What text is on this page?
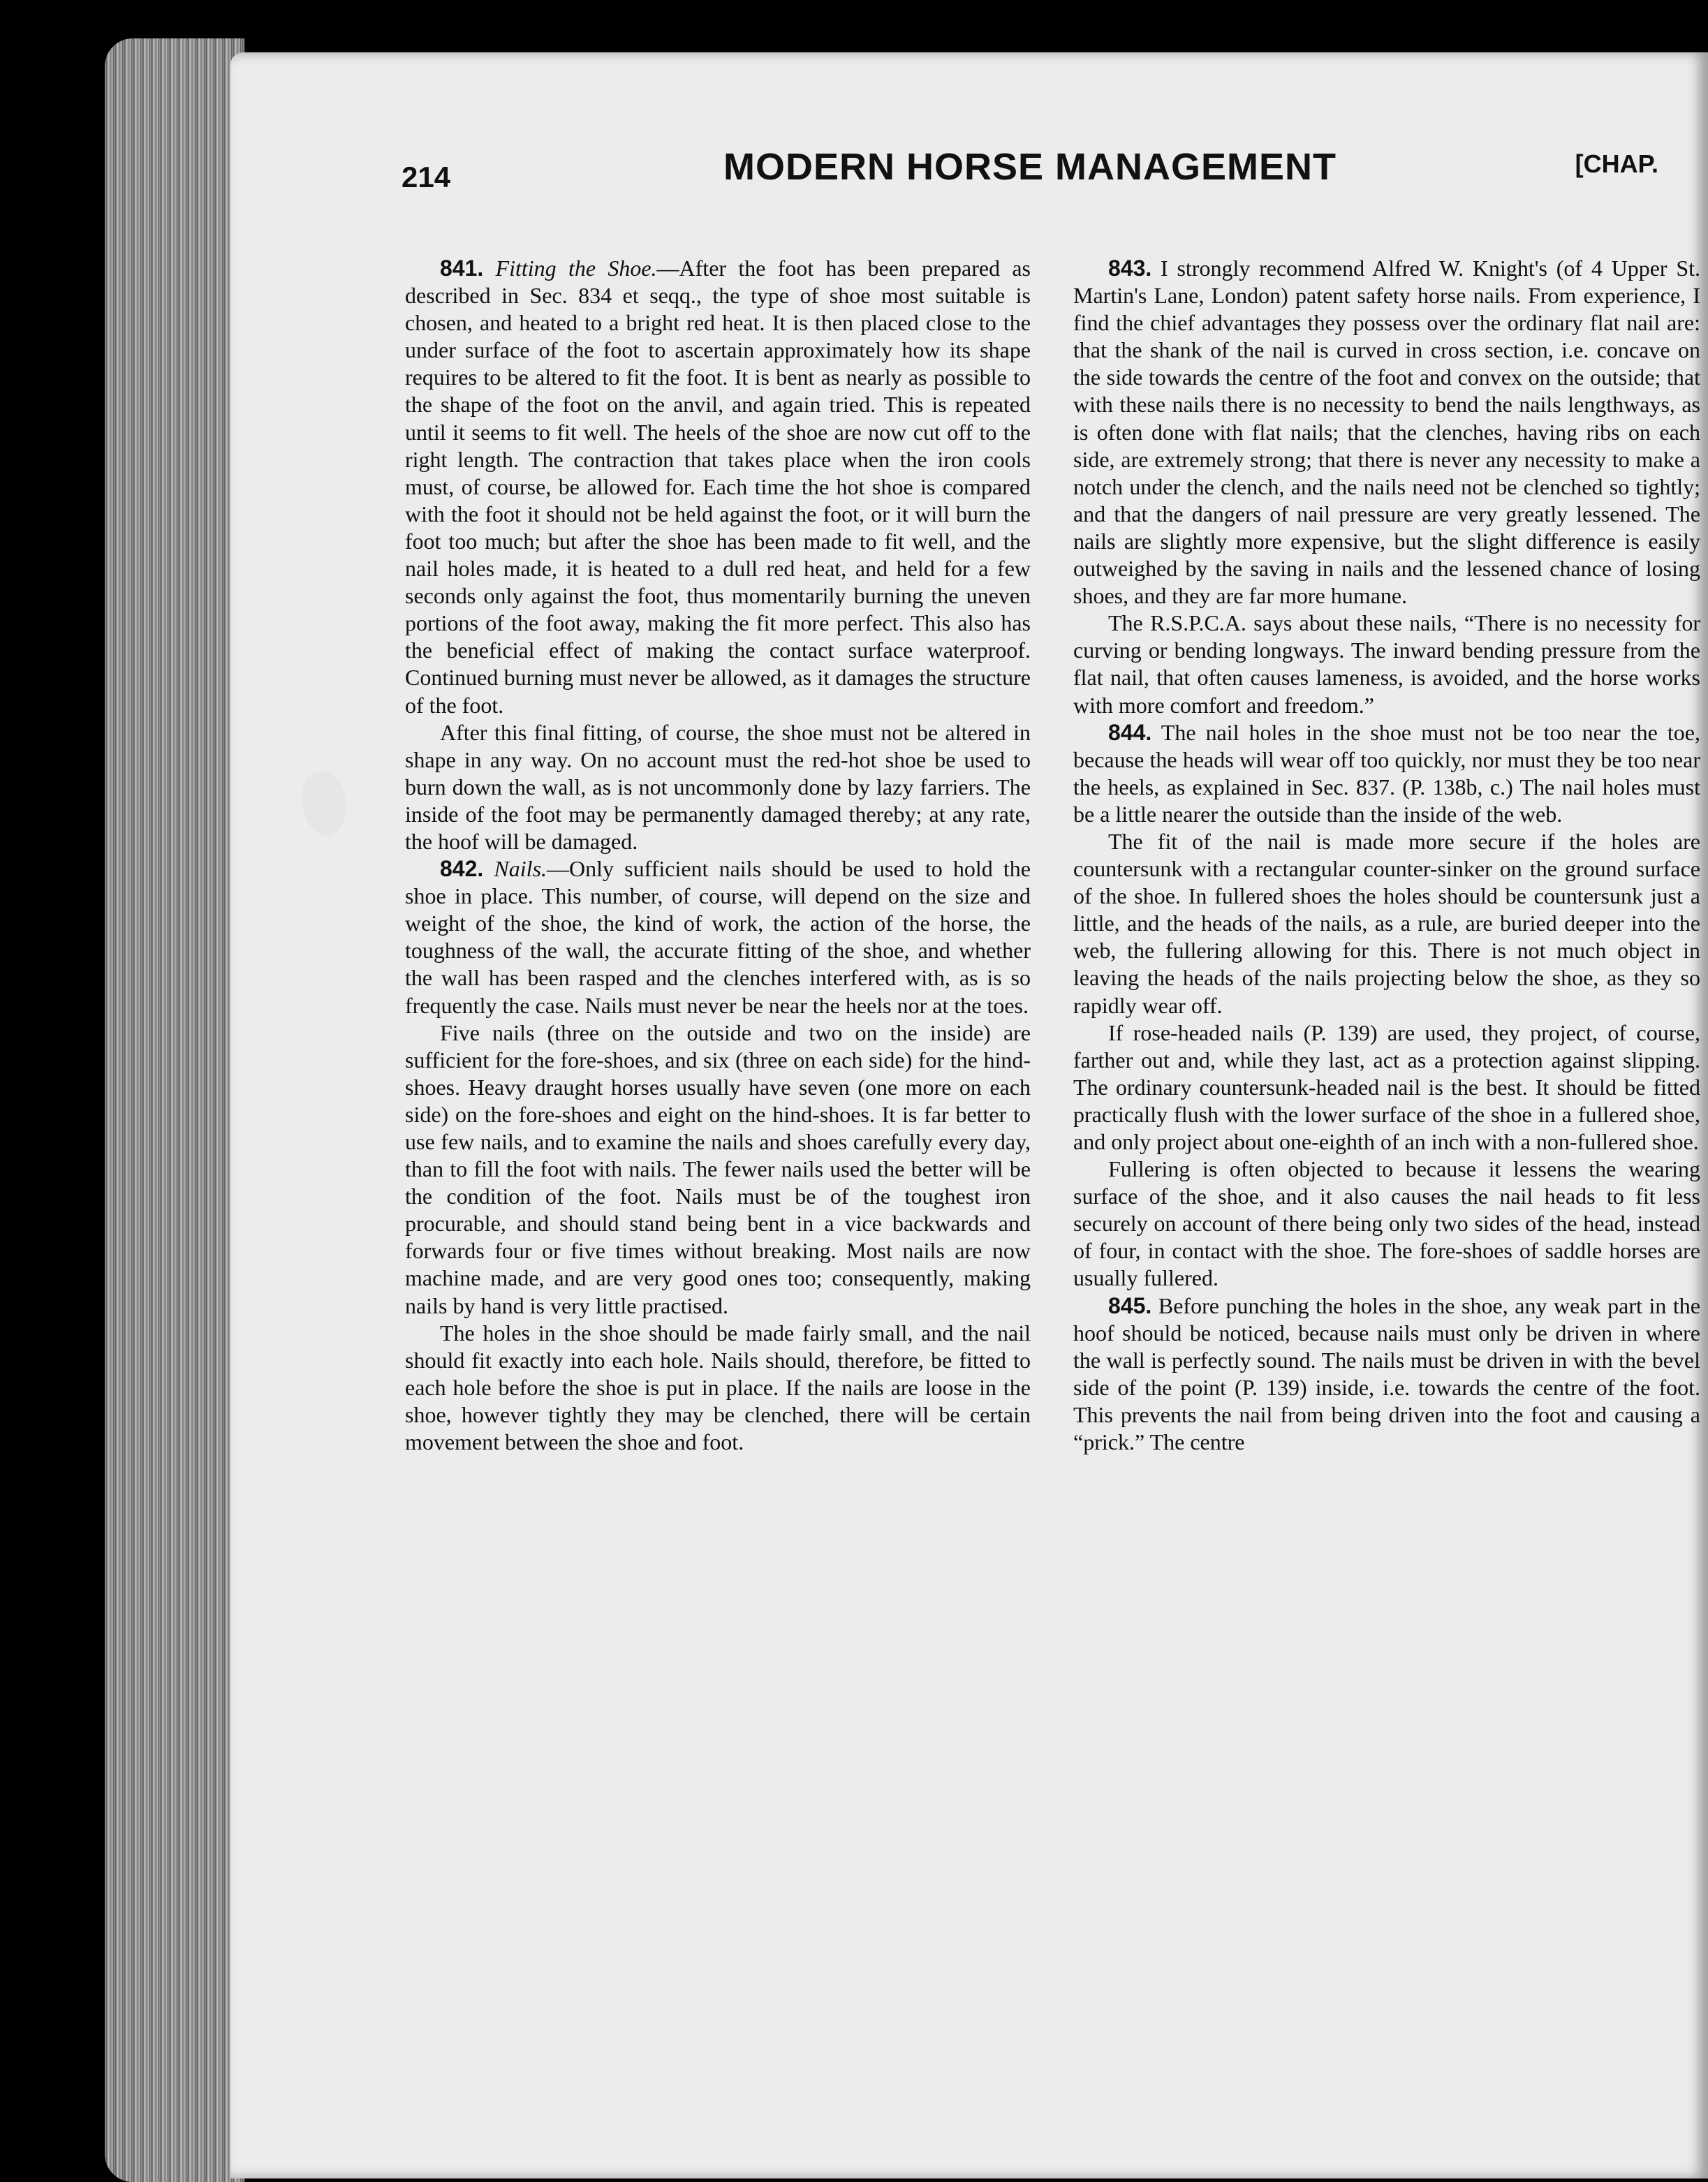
214	MODERN HORSE MANAGEMENT	[CHAP.

841. Fitting the Shoe.—After the foot has been prepared as described in Sec. 834 et seqq., the type of shoe most suitable is chosen, and heated to a bright red heat. It is then placed close to the under surface of the foot to ascertain approximately how its shape requires to be altered to fit the foot. It is bent as nearly as possible to the shape of the foot on the anvil, and again tried. This is repeated until it seems to fit well. The heels of the shoe are now cut off to the right length. The contraction that takes place when the iron cools must, of course, be allowed for. Each time the hot shoe is compared with the foot it should not be held against the foot, or it will burn the foot too much; but after the shoe has been made to fit well, and the nail holes made, it is heated to a dull red heat, and held for a few seconds only against the foot, thus momentarily burning the uneven portions of the foot away, making the fit more perfect. This also has the beneficial effect of making the contact surface waterproof. Continued burning must never be allowed, as it damages the structure of the foot.

After this final fitting, of course, the shoe must not be altered in shape in any way. On no account must the red-hot shoe be used to burn down the wall, as is not uncommonly done by lazy farriers. The inside of the foot may be permanently damaged thereby; at any rate, the hoof will be damaged.

842. Nails.—Only sufficient nails should be used to hold the shoe in place. This number, of course, will depend on the size and weight of the shoe, the kind of work, the action of the horse, the toughness of the wall, the accurate fitting of the shoe, and whether the wall has been rasped and the clenches interfered with, as is so frequently the case. Nails must never be near the heels nor at the toes.

Five nails (three on the outside and two on the inside) are sufficient for the fore-shoes, and six (three on each side) for the hind-shoes. Heavy draught horses usually have seven (one more on each side) on the fore-shoes and eight on the hind-shoes. It is far better to use few nails, and to examine the nails and shoes carefully every day, than to fill the foot with nails. The fewer nails used the better will be the condition of the foot. Nails must be of the toughest iron procurable, and should stand being bent in a vice backwards and forwards four or five times without breaking. Most nails are now machine made, and are very good ones too; consequently, making nails by hand is very little practised.

The holes in the shoe should be made fairly small, and the nail should fit exactly into each hole. Nails should, therefore, be fitted to each hole before the shoe is put in place. If the nails are loose in the shoe, however tightly they may be clenched, there will be certain movement between the shoe and foot.

843. I strongly recommend Alfred W. Knight's (of 4 Upper St. Martin's Lane, London) patent safety horse nails. From experience, I find the chief advantages they possess over the ordinary flat nail are: that the shank of the nail is curved in cross section, i.e. concave on the side towards the centre of the foot and convex on the outside; that with these nails there is no necessity to bend the nails lengthways, as is often done with flat nails; that the clenches, having ribs on each side, are extremely strong; that there is never any necessity to make a notch under the clench, and the nails need not be clenched so tightly; and that the dangers of nail pressure are very greatly lessened. The nails are slightly more expensive, but the slight difference is easily outweighed by the saving in nails and the lessened chance of losing shoes, and they are far more humane.

The R.S.P.C.A. says about these nails, “There is no necessity for curving or bending longways. The inward bending pressure from the flat nail, that often causes lameness, is avoided, and the horse works with more comfort and freedom.”

844. The nail holes in the shoe must not be too near the toe, because the heads will wear off too quickly, nor must they be too near the heels, as explained in Sec. 837. (P. 138b, c.) The nail holes must be a little nearer the outside than the inside of the web.

The fit of the nail is made more secure if the holes are countersunk with a rectangular counter-sinker on the ground surface of the shoe. In fullered shoes the holes should be countersunk just a little, and the heads of the nails, as a rule, are buried deeper into the web, the fullering allowing for this. There is not much object in leaving the heads of the nails projecting below the shoe, as they so rapidly wear off.

If rose-headed nails (P. 139) are used, they project, of course, farther out and, while they last, act as a protection against slipping. The ordinary countersunk-headed nail is the best. It should be fitted practically flush with the lower surface of the shoe in a fullered shoe, and only project about one-eighth of an inch with a non-fullered shoe.

Fullering is often objected to because it lessens the wearing surface of the shoe, and it also causes the nail heads to fit less securely on account of there being only two sides of the head, instead of four, in contact with the shoe. The fore-shoes of saddle horses are usually fullered.

845. Before punching the holes in the shoe, any weak part in the hoof should be noticed, because nails must only be driven in where the wall is perfectly sound. The nails must be driven in with the bevel side of the point (P. 139) inside, i.e. towards the centre of the foot. This prevents the nail from being driven into the foot and causing a “prick.” The centre
